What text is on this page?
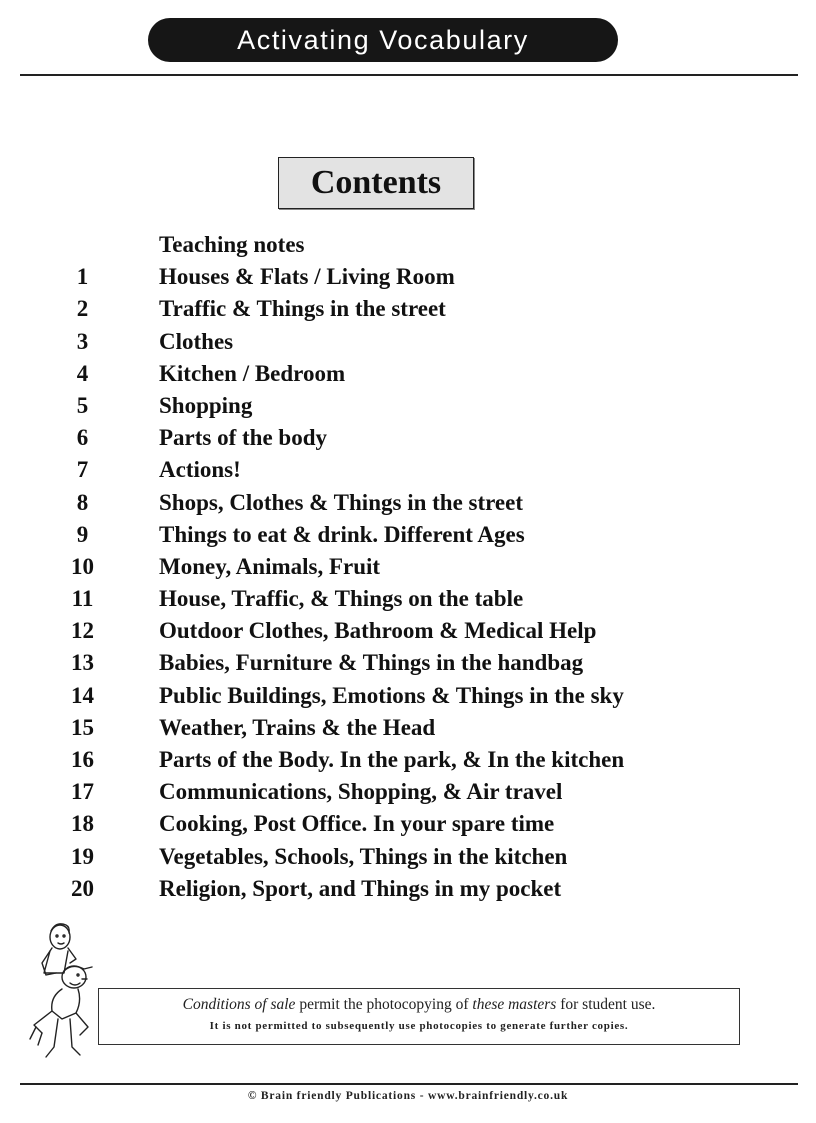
Activating Vocabulary
Contents
Teaching notes
1	Houses & Flats / Living Room
2	Traffic & Things in the street
3	Clothes
4	Kitchen / Bedroom
5	Shopping
6	Parts of the body
7	Actions!
8	Shops, Clothes & Things in the street
9	Things to eat & drink. Different Ages
10	Money, Animals, Fruit
11	House, Traffic, & Things on the table
12	Outdoor Clothes, Bathroom & Medical Help
13	Babies, Furniture & Things in the handbag
14	Public Buildings, Emotions & Things in the sky
15	Weather, Trains & the Head
16	Parts of the Body. In the park, & In the kitchen
17	Communications, Shopping, & Air travel
18	Cooking, Post Office. In your spare time
19	Vegetables, Schools, Things in the kitchen
20	Religion, Sport, and Things in my pocket
Conditions of sale permit the photocopying of these masters for student use.
It is not permitted to subsequently use photocopies to generate further copies.
© Brain friendly Publications - www.brainfriendly.co.uk
